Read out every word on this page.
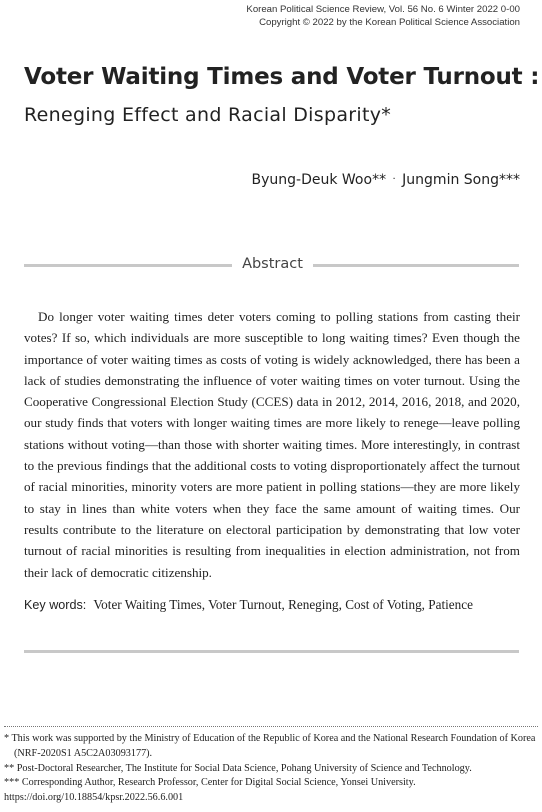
Korean Political Science Review, Vol. 56 No. 6 Winter 2022 0-00
Copyright © 2022 by the Korean Political Science Association
Voter Waiting Times and Voter Turnout :
Reneging Effect and Racial Disparity*
Byung-Deuk Woo** · Jungmin Song***
Abstract

Do longer voter waiting times deter voters coming to polling stations from casting their votes? If so, which individuals are more susceptible to long waiting times? Even though the importance of voter waiting times as costs of voting is widely acknowledged, there has been a lack of studies demonstrating the influence of voter waiting times on voter turnout. Using the Cooperative Congressional Election Study (CCES) data in 2012, 2014, 2016, 2018, and 2020, our study finds that voters with longer waiting times are more likely to renege—leave polling stations without voting—than those with shorter waiting times. More interestingly, in contrast to the previous findings that the additional costs to voting disproportionately affect the turnout of racial minorities, minority voters are more patient in polling stations—they are more likely to stay in lines than white voters when they face the same amount of waiting times. Our results contribute to the literature on electoral participation by demonstrating that low voter turnout of racial minorities is resulting from inequalities in election administration, not from their lack of democratic citizenship.

Key words: Voter Waiting Times, Voter Turnout, Reneging, Cost of Voting, Patience

* This work was supported by the Ministry of Education of the Republic of Korea and the National Research Foundation of Korea (NRF-2020S1 A5C2A03093177).

** Post-Doctoral Researcher, The Institute for Social Data Science, Pohang University of Science and Technology.

*** Corresponding Author, Research Professor, Center for Digital Social Science, Yonsei University.

https://doi.org/10.18854/kpsr.2022.56.6.001
